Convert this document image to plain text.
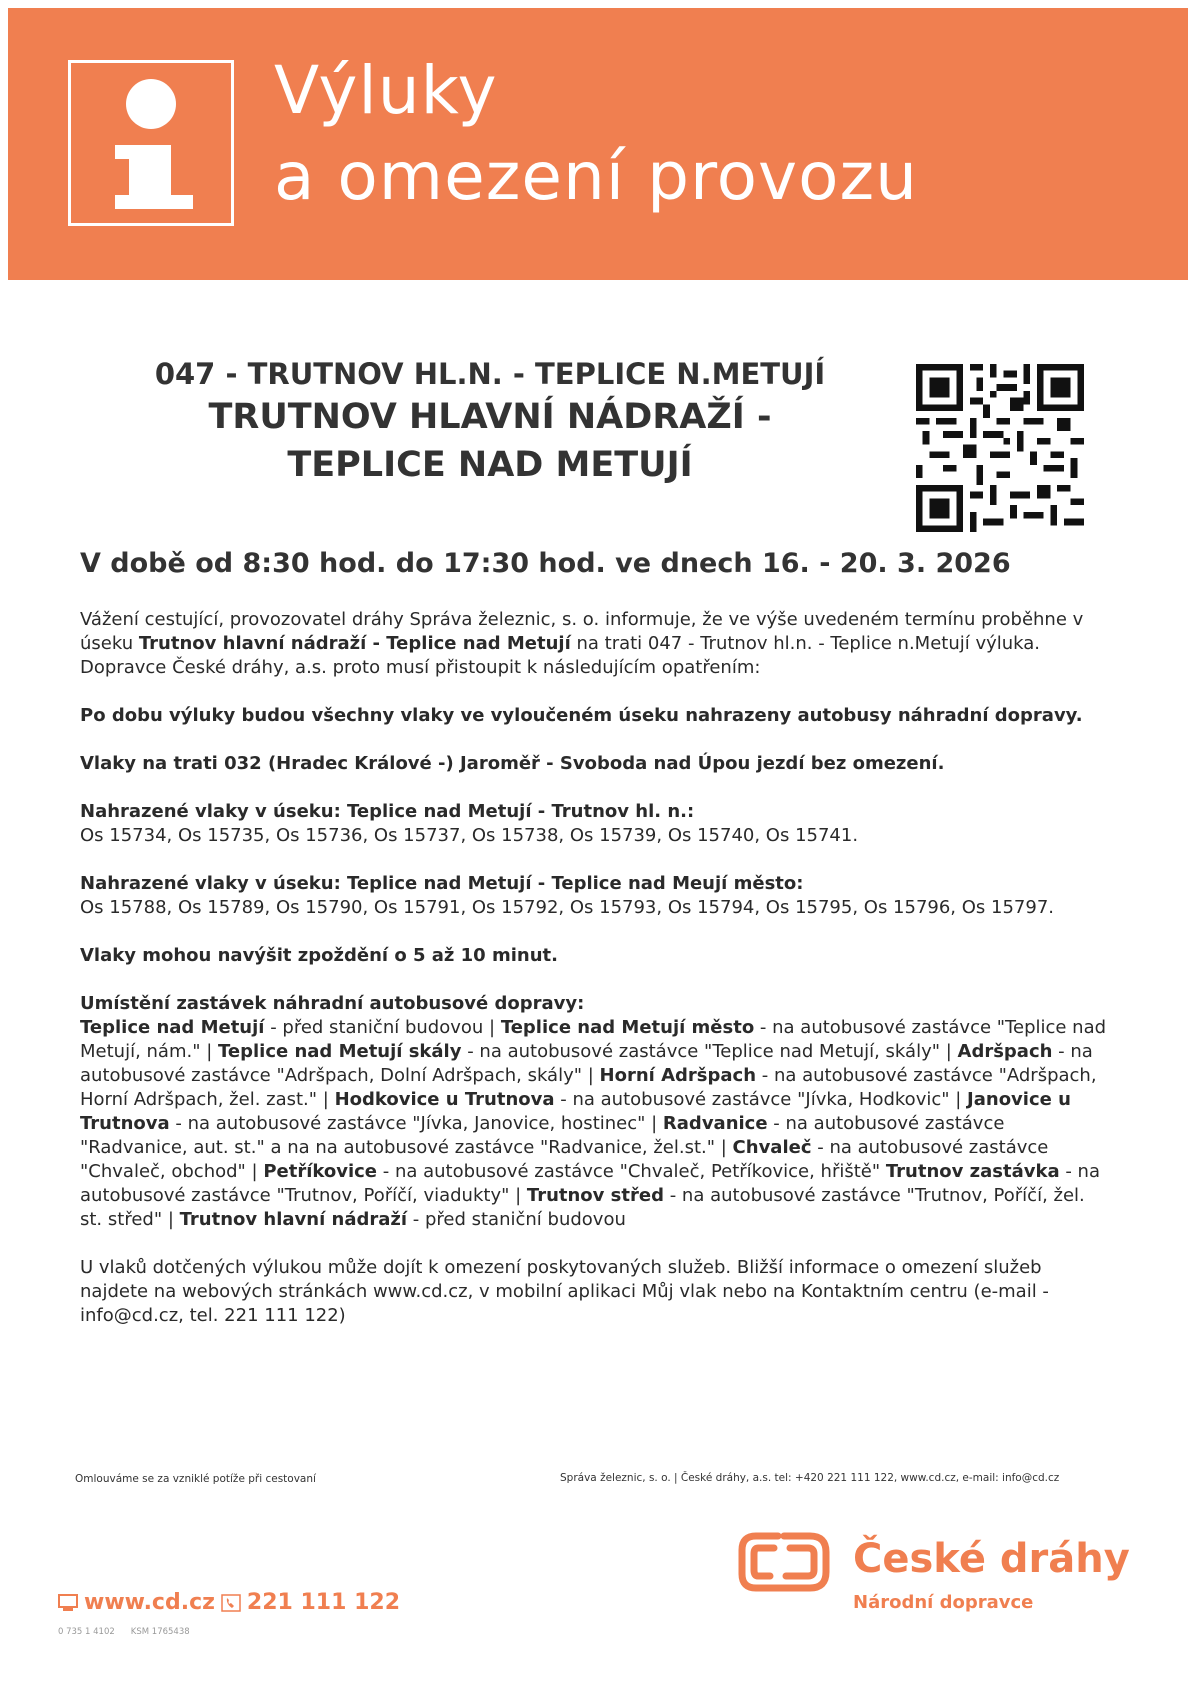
Výluky
a omezení provozu
047 - TRUTNOV HL.N. - TEPLICE N.METUJÍ
TRUTNOV HLAVNÍ NÁDRAŽÍ -
TEPLICE NAD METUJÍ
V době od 8:30 hod. do 17:30 hod. ve dnech 16. - 20. 3. 2026

Vážení cestující, provozovatel dráhy Správa železnic, s. o. informuje, že ve výše uvedeném termínu proběhne v úseku Trutnov hlavní nádraží - Teplice nad Metují na trati 047 - Trutnov hl.n. - Teplice n.Metují výluka. Dopravce České dráhy, a.s. proto musí přistoupit k následujícím opatřením:

Po dobu výluky budou všechny vlaky ve vyloučeném úseku nahrazeny autobusy náhradní dopravy.

Vlaky na trati 032 (Hradec Králové -) Jaroměř - Svoboda nad Úpou jezdí bez omezení.

Nahrazené vlaky v úseku: Teplice nad Metují - Trutnov hl. n.:
Os 15734, Os 15735, Os 15736, Os 15737, Os 15738, Os 15739, Os 15740, Os 15741.

Nahrazené vlaky v úseku: Teplice nad Metují - Teplice nad Meují město:
Os 15788, Os 15789, Os 15790, Os 15791, Os 15792, Os 15793, Os 15794, Os 15795, Os 15796, Os 15797.

Vlaky mohou navýšit zpoždění o 5 až 10 minut.

Umístění zastávek náhradní autobusové dopravy:
Teplice nad Metují - před staniční budovou | Teplice nad Metují město - na autobusové zastávce "Teplice nad Metují, nám." | Teplice nad Metují skály - na autobusové zastávce "Teplice nad Metují, skály" | Adršpach - na autobusové zastávce "Adršpach, Dolní Adršpach, skály" | Horní Adršpach - na autobusové zastávce "Adršpach, Horní Adršpach, žel. zast." | Hodkovice u Trutnova - na autobusové zastávce "Jívka, Hodkovic" | Janovice u Trutnova - na autobusové zastávce "Jívka, Janovice, hostinec" | Radvanice - na autobusové zastávce "Radvanice, aut. st." a na na autobusové zastávce "Radvanice, žel.st." | Chvaleč - na autobusové zastávce "Chvaleč, obchod" | Petříkovice - na autobusové zastávce "Chvaleč, Petříkovice, hřiště" Trutnov zastávka - na autobusové zastávce "Trutnov, Poříčí, viadukty" | Trutnov střed - na autobusové zastávce "Trutnov, Poříčí, žel. st. střed" | Trutnov hlavní nádraží - před staniční budovou

U vlaků dotčených výlukou může dojít k omezení poskytovaných služeb. Bližší informace o omezení služeb najdete na webových stránkách www.cd.cz, v mobilní aplikaci Můj vlak nebo na Kontaktním centru (e-mail - info@cd.cz, tel. 221 111 122)

Omlouváme se za vzniklé potíže při cestovaní	Správa železnic, s. o. | České dráhy, a.s. tel: +420 221 111 122, www.cd.cz, e-mail: info@cd.cz
České dráhy
Národní dopravce
www.cd.cz 221 111 122
0 735 1 4102 KSM 1765438
